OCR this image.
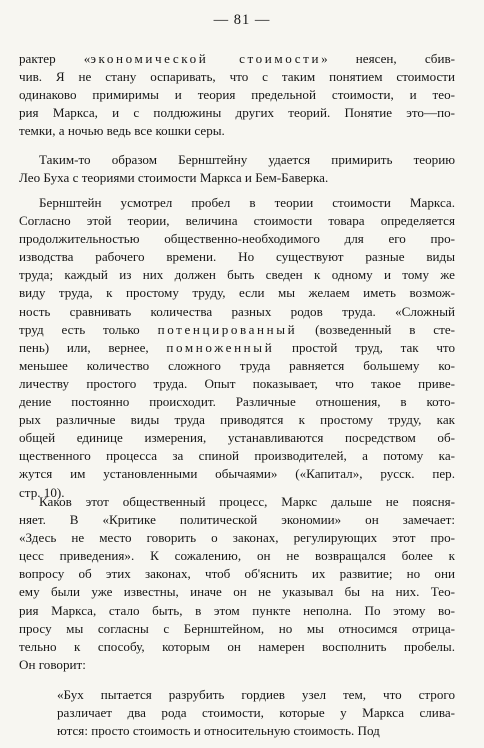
— 81 —
рактер «экономической стоимости» неясен, сбив-
чив. Я не стану оспаривать, что с таким понятием стоимости
одинаково примиримы и теория предельной стоимости, и тео-
рия Маркса, и с полдюжины других теорий. Понятие это—по-
темки, а ночью ведь все кошки серы.
Таким-то образом Бернштейну удается примирить теорию
Лео Буха с теориями стоимости Маркса и Бем-Баверка.
Бернштейн усмотрел пробел в теории стоимости Маркса.
Согласно этой теории, величина стоимости товара определяется
продолжительностью общественно-необходимого для его про-
изводства рабочего времени. Но существуют разные виды
труда; каждый из них должен быть сведен к одному и тому же
виду труда, к простому труду, если мы желаем иметь возмож-
ность сравнивать количества разных родов труда. «Сложный
труд есть только потенцированный (возведенный в сте-
пень) или, вернее, помноженный простой труд, так что
меньшее количество сложного труда равняется большему ко-
личеству простого труда. Опыт показывает, что такое приве-
дение постоянно происходит. Различные отношения, в кото-
рых различные виды труда приводятся к простому труду, как
общей единице измерения, устанавливаются посредством об-
щественного процесса за спиной производителей, а потому ка-
жутся им установленными обычаями» («Капитал», русск. пер.
стр. 10).
Каков этот общественный процесс, Маркс дальше не поясня-
няет. В «Критике политической экономии» он замечает:
«Здесь не место говорить о законах, регулирующих этот про-
цесс приведения». К сожалению, он не возвращался более к
вопросу об этих законах, чтоб об'яснить их развитие; но они
ему были уже известны, иначе он не указывал бы на них. Тео-
рия Маркса, стало быть, в этом пункте неполна. По этому во-
просу мы согласны с Бернштейном, но мы относимся отрица-
тельно к способу, которым он намерен восполнить пробелы.
Он говорит:
«Бух пытается разрубить гордиев узел тем, что строго
различает два рода стоимости, которые у Маркса слива-
ются: просто стоимость и относительную стоимость. Под
